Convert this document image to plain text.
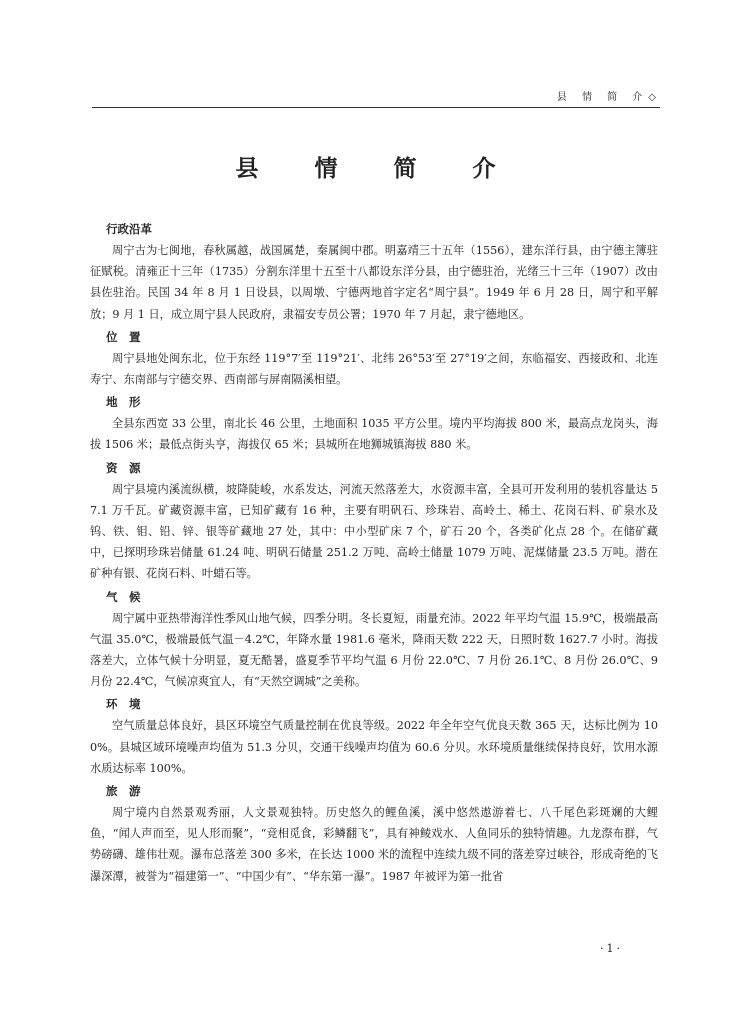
县 情 简 介◇
县 情 简 介
行政沿革

周宁古为七闽地，春秋属越，战国属楚，秦属闽中郡。明嘉靖三十五年（1556），建东洋行县，由宁德主簿驻征赋税。清雍正十三年（1735）分割东洋里十五至十八都设东洋分县，由宁德驻治，光绪三十三年（1907）改由县佐驻治。民国 34 年 8 月 1 日设县，以周墩、宁德两地首字定名“周宁县”。1949 年 6 月 28 日，周宁和平解放；9 月 1 日，成立周宁县人民政府，隶福安专员公署；1970 年 7 月起，隶宁德地区。

位　置

周宁县地处闽东北，位于东经 119°7′至 119°21′、北纬 26°53′至 27°19′之间，东临福安、西接政和、北连寿宁、东南部与宁德交界、西南部与屏南隔溪相望。

地　形

全县东西宽 33 公里，南北长 46 公里，土地面积 1035 平方公里。境内平均海拔 800 米，最高点龙岗头，海拔 1506 米；最低点街头亨，海拔仅 65 米；县城所在地狮城镇海拔 880 米。

资　源

周宁县境内溪流纵横，坡降陡峻，水系发达，河流天然落差大，水资源丰富，全县可开发利用的装机容量达 57.1 万千瓦。矿藏资源丰富，已知矿藏有 16 种，主要有明矾石、珍珠岩、高岭土、稀土、花岗石料、矿泉水及钨、铁、钼、铅、锌、银等矿藏地 27 处，其中：中小型矿床 7 个，矿石 20 个，各类矿化点 28 个。在储矿藏中，已探明珍珠岩储量 61.24 吨、明矾石储量 251.2 万吨、高岭土储量 1079 万吨、泥煤储量 23.5 万吨。潜在矿种有银、花岗石料、叶蜡石等。

气　候

周宁属中亚热带海洋性季风山地气候，四季分明。冬长夏短，雨量充沛。2022 年平均气温 15.9℃，极端最高气温 35.0℃，极端最低气温－4.2℃，年降水量 1981.6 毫米，降雨天数 222 天，日照时数 1627.7 小时。海拔落差大，立体气候十分明显，夏无酷暑，盛夏季节平均气温 6 月份 22.0℃、7 月份 26.1℃、8 月份 26.0℃、9 月份 22.4℃，气候凉爽宜人，有“天然空调城”之美称。

环　境

空气质量总体良好，县区环境空气质量控制在优良等级。2022 年全年空气优良天数 365 天，达标比例为 100%。县城区域环境噪声均值为 51.3 分贝，交通干线噪声均值为 60.6 分贝。水环境质量继续保持良好，饮用水源水质达标率 100%。

旅　游

周宁境内自然景观秀丽，人文景观独特。历史悠久的鲤鱼溪，溪中悠然遨游着七、八千尾色彩斑斓的大鲤鱼，“闻人声而至，见人形而聚”，“竞相觅食，彩鳞翻飞”，具有神鲮戏水、人鱼同乐的独特情趣。九龙漈布群，气势磅礴、雄伟壮观。瀑布总落差 300 多米，在长达 1000 米的流程中连续九级不同的落差穿过峡谷，形成奇绝的飞瀑深潭，被誉为“福建第一”、“中国少有”、“华东第一瀑”。1987 年被评为第一批省

·1·
